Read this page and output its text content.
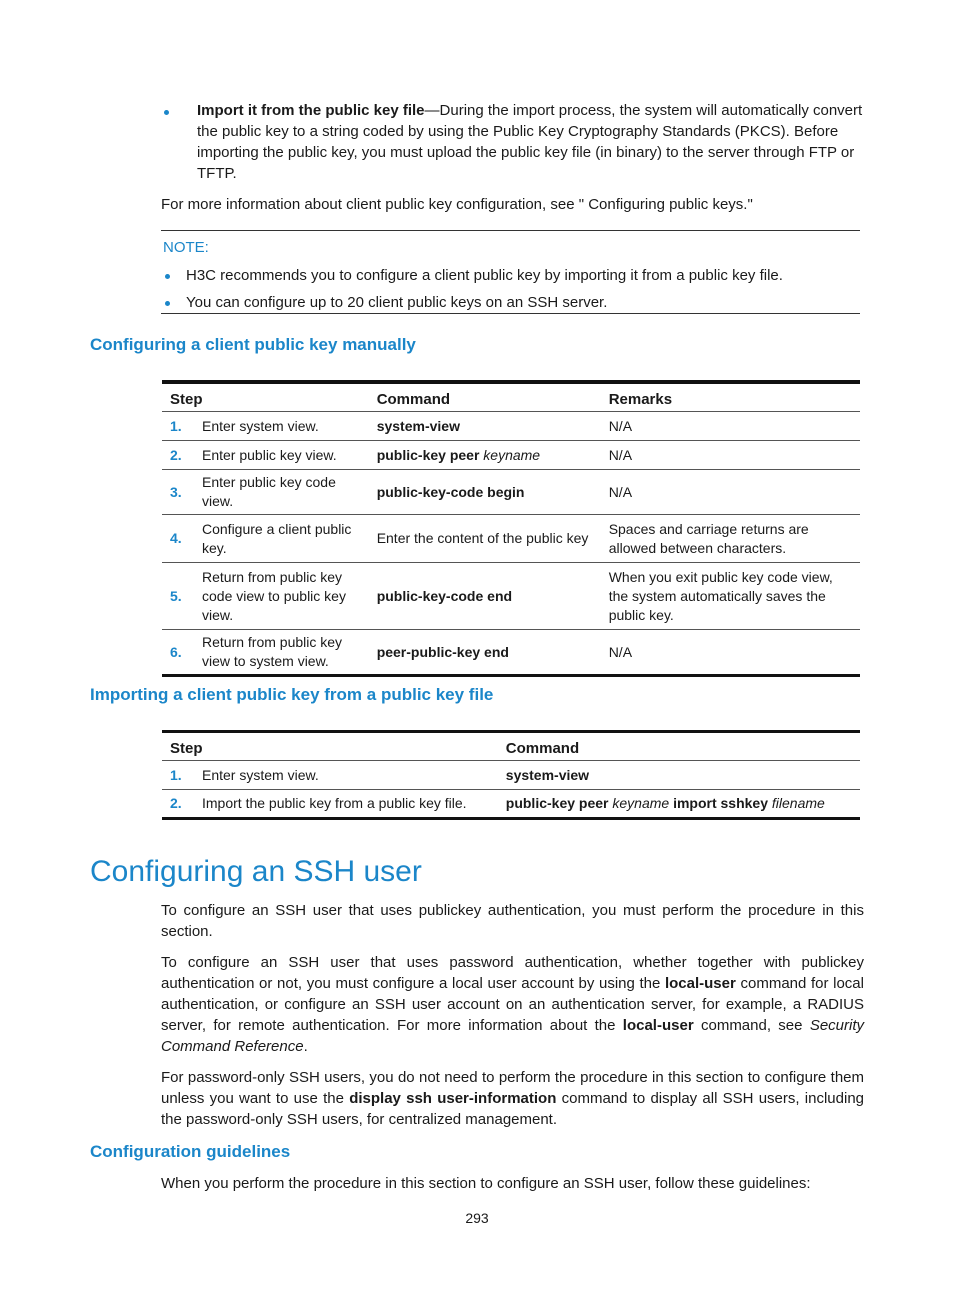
Import it from the public key file—During the import process, the system will automatically convert the public key to a string coded by using the Public Key Cryptography Standards (PKCS). Before importing the public key, you must upload the public key file (in binary) to the server through FTP or TFTP.

For more information about client public key configuration, see " Configuring public keys."

NOTE:
H3C recommends you to configure a client public key by importing it from a public key file.
You can configure up to 20 client public keys on an SSH server.
Configuring a client public key manually
Step		Command	Remarks
1.	Enter system view.	system-view	N/A
2.	Enter public key view.	public-key peer keyname	N/A
3.	Enter public key code view.	public-key-code begin	N/A
4.	Configure a client public key.	Enter the content of the public key	Spaces and carriage returns are allowed between characters.
5.	Return from public key code view to public key view.	public-key-code end	When you exit public key code view, the system automatically saves the public key.
6.	Return from public key view to system view.	peer-public-key end	N/A
Importing a client public key from a public key file
Step		Command
1.	Enter system view.	system-view
2.	Import the public key from a public key file.	public-key peer keyname import sshkey filename
Configuring an SSH user

To configure an SSH user that uses publickey authentication, you must perform the procedure in this section.

To configure an SSH user that uses password authentication, whether together with publickey authentication or not, you must configure a local user account by using the local-user command for local authentication, or configure an SSH user account on an authentication server, for example, a RADIUS server, for remote authentication. For more information about the local-user command, see Security Command Reference.

For password-only SSH users, you do not need to perform the procedure in this section to configure them unless you want to use the display ssh user-information command to display all SSH users, including the password-only SSH users, for centralized management.

Configuration guidelines

When you perform the procedure in this section to configure an SSH user, follow these guidelines:

293
